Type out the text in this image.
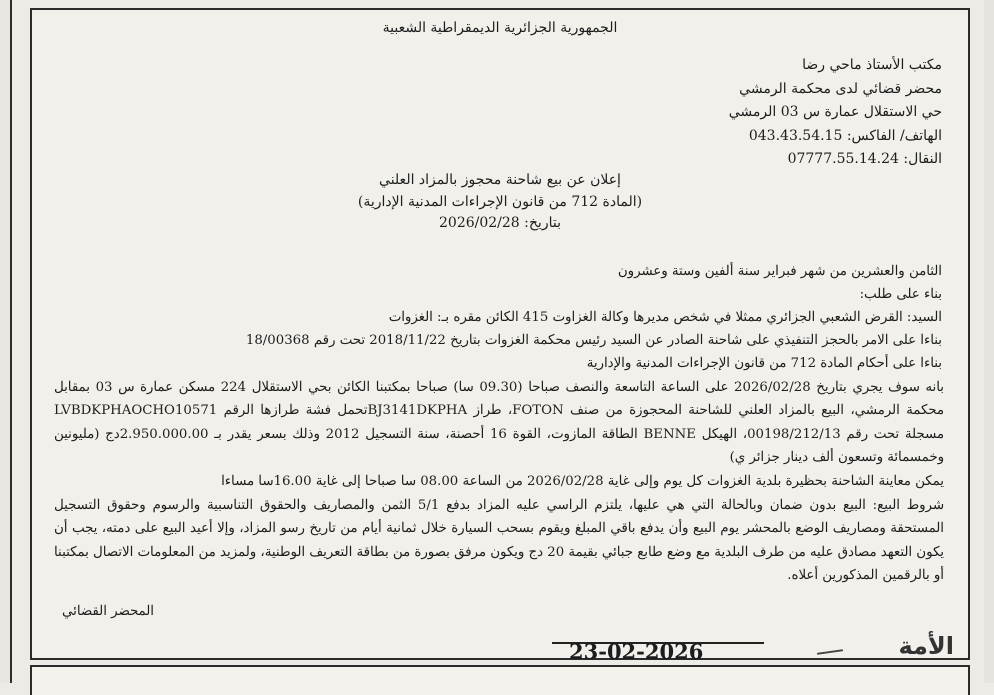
الجمهورية الجزائرية الديمقراطية الشعبية
مكتب الأستاذ ماحي رضا
محضر قضائي لدى محكمة الرمشي
حي الاستقلال عمارة س 03 الرمشي
الهاتف/ الفاكس: 043.43.54.15
النقال: 07777.55.14.24
إعلان عن بيع شاحنة محجوز بالمزاد العلني
(المادة 712 من قانون الإجراءات المدنية الإدارية)
بتاريخ: 2026/02/28
الثامن والعشرين من شهر فبراير سنة ألفين وستة وعشرون
بناء على طلب:
السيد: القرض الشعبي الجزائري ممثلا في شخص مديرها وكالة الغزاوت 415 الكائن مقره بـ: الغزوات
بناءا على الامر بالحجز التنفيذي على شاحنة الصادر عن السيد رئيس محكمة الغزوات بتاريخ 2018/11/22 تحت رقم 18/00368
بناءا على أحكام المادة 712 من قانون الإجراءات المدنية والإدارية
بانه سوف يجري بتاريخ 2026/02/28 على الساعة التاسعة والنصف صباحا (09.30 سا) صباحا بمكتبنا الكائن بحي الاستقلال 224 مسكن عمارة س 03 بمقابل محكمة الرمشي، البيع بالمزاد العلني للشاحنة المحجوزة من صنف FOTON، طراز BJ3141DKPHAتحمل فشة طرازها الرقم LVBDKPHAOCHO10571 مسجلة تحت رقم 00198/212/13، الهيكل BENNE الطاقة المازوت، القوة 16 أحصنة، سنة التسجيل 2012 وذلك بسعر يقدر بـ 2.950.000.00دج (مليونين وخمسمائة وتسعون ألف دينار جزائر ي)
يمكن معاينة الشاحنة بحظيرة بلدية الغزوات كل يوم وإلى غاية 2026/02/28 من الساعة 08.00 سا صباحا إلى غاية 16.00سا مساءا
شروط البيع: البيع بدون ضمان وبالحالة التي هي عليها، يلتزم الراسي عليه المزاد بدفع 5/1 الثمن والمصاريف والحقوق التناسبية والرسوم وحقوق التسجيل المستحقة ومصاريف الوضع بالمحشر يوم البيع وأن يدفع باقي المبلغ ويقوم بسحب السيارة خلال ثمانية أيام من تاريخ رسو المزاد، وإلا أعيد البيع على دمته، يجب أن يكون التعهد مصادق عليه من طرف البلدية مع وضع طابع جبائي بقيمة 20 دج ويكون مرفق بصورة من بطاقة التعريف الوطنية، ولمزيد من المعلومات الاتصال بمكتبنا أو بالرقمين المذكورين أعلاه.
المحضر القضائي
23-02-2026	الأمة
